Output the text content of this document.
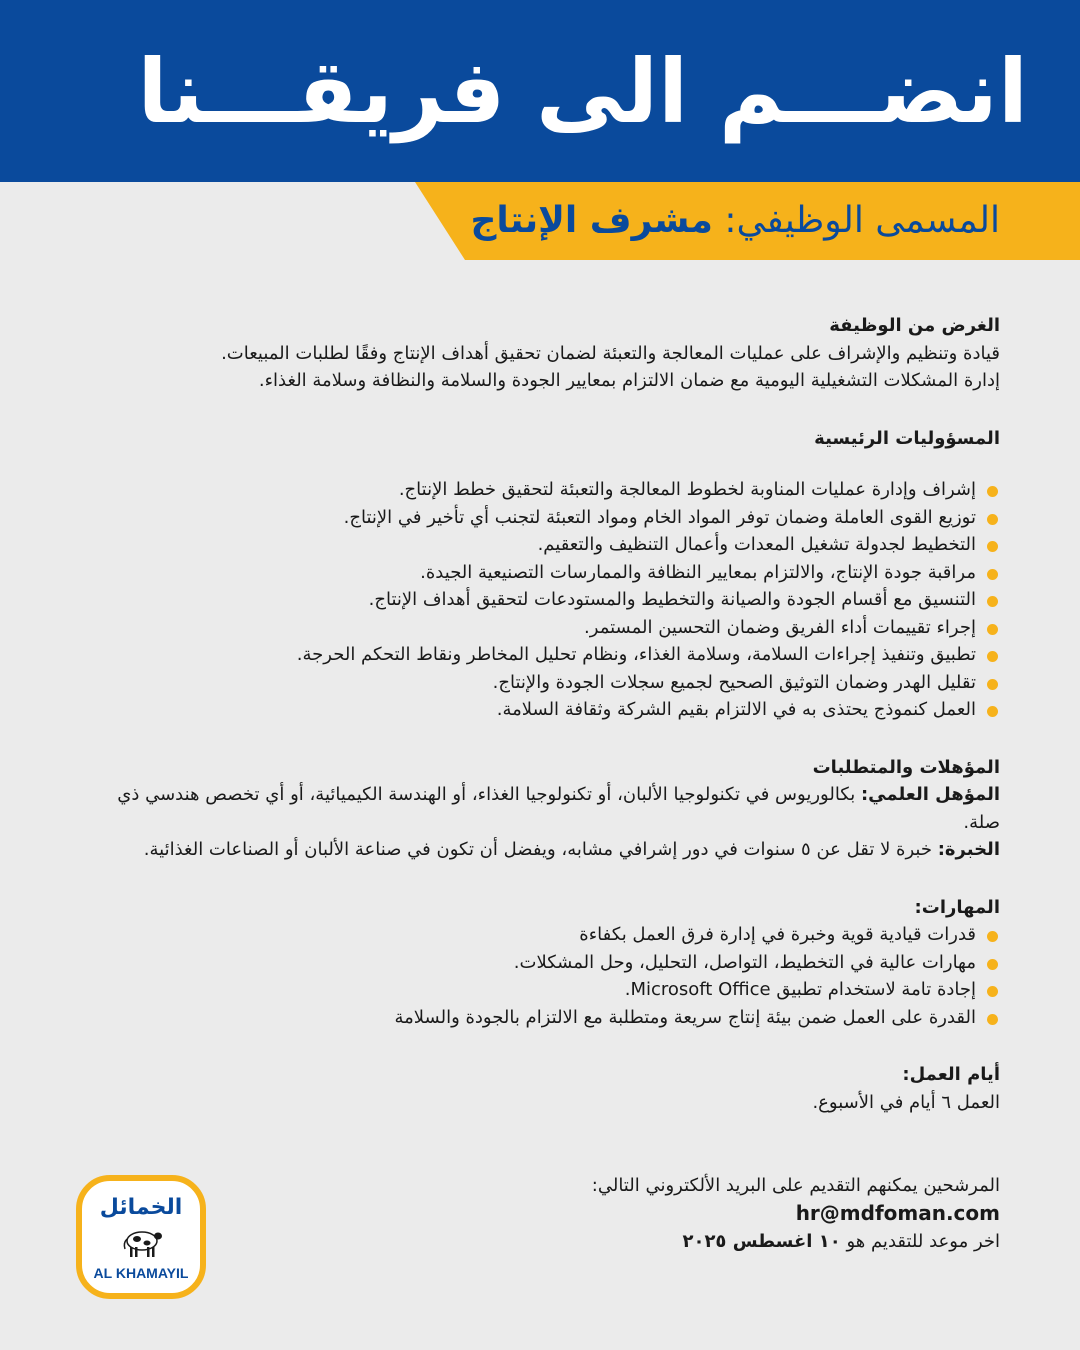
انضـــم الى فريقـــنا
المسمى الوظيفي: مشرف الإنتاج

الغرض من الوظيفة

قيادة وتنظيم والإشراف على عمليات المعالجة والتعبئة لضمان تحقيق أهداف الإنتاج وفقًا لطلبات المبيعات.

إدارة المشكلات التشغيلية اليومية مع ضمان الالتزام بمعايير الجودة والسلامة والنظافة وسلامة الغذاء.

المسؤوليات الرئيسية

إشراف وإدارة عمليات المناوبة لخطوط المعالجة والتعبئة لتحقيق خطط الإنتاج.
توزيع القوى العاملة وضمان توفر المواد الخام ومواد التعبئة لتجنب أي تأخير في الإنتاج.
التخطيط لجدولة تشغيل المعدات وأعمال التنظيف والتعقيم.
مراقبة جودة الإنتاج، والالتزام بمعايير النظافة والممارسات التصنيعية الجيدة.
التنسيق مع أقسام الجودة والصيانة والتخطيط والمستودعات لتحقيق أهداف الإنتاج.
إجراء تقييمات أداء الفريق وضمان التحسين المستمر.
تطبيق وتنفيذ إجراءات السلامة، وسلامة الغذاء، ونظام تحليل المخاطر ونقاط التحكم الحرجة.
تقليل الهدر وضمان التوثيق الصحيح لجميع سجلات الجودة والإنتاج.
العمل كنموذج يحتذى به في الالتزام بقيم الشركة وثقافة السلامة.

المؤهلات والمتطلبات

المؤهل العلمي: بكالوريوس في تكنولوجيا الألبان، أو تكنولوجيا الغذاء، أو الهندسة الكيميائية، أو أي تخصص هندسي ذي صلة.

الخبرة: خبرة لا تقل عن ٥ سنوات في دور إشرافي مشابه، ويفضل أن تكون في صناعة الألبان أو الصناعات الغذائية.

المهارات:

قدرات قيادية قوية وخبرة في إدارة فرق العمل بكفاءة
مهارات عالية في التخطيط، التواصل، التحليل، وحل المشكلات.
إجادة تامة لاستخدام تطبيق Microsoft Office.
القدرة على العمل ضمن بيئة إنتاج سريعة ومتطلبة مع الالتزام بالجودة والسلامة

أيام العمل:

العمل ٦ أيام في الأسبوع.

المرشحين يمكنهم التقديم على البريد الألكتروني التالي:

hr@mdfoman.com

اخر موعد للتقديم هو ١٠ اغسطس ٢٠٢٥

الخمائل
AL KHAMAYIL
